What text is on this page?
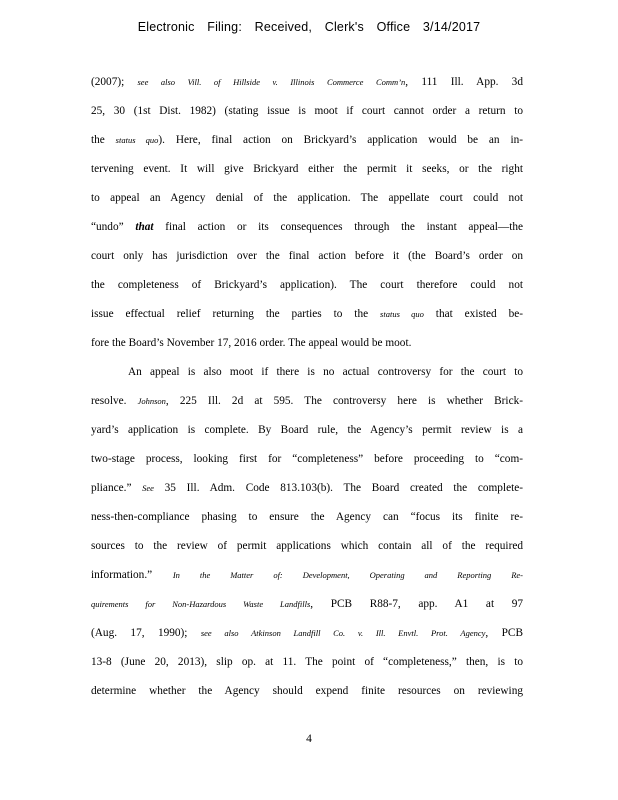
Electronic Filing: Received, Clerk's Office 3/14/2017
(2007); see also Vill. of Hillside v. Illinois Commerce Comm’n, 111 Ill. App. 3d
25, 30 (1st Dist. 1982) (stating issue is moot if court cannot order a return to
the status quo). Here, final action on Brickyard’s application would be an in-
tervening event. It will give Brickyard either the permit it seeks, or the right
to appeal an Agency denial of the application. The appellate court could not
“undo” that final action or its consequences through the instant appeal—the
court only has jurisdiction over the final action before it (the Board’s order on
the completeness of Brickyard’s application). The court therefore could not
issue effectual relief returning the parties to the status quo that existed be-
fore the Board’s November 17, 2016 order. The appeal would be moot.
An appeal is also moot if there is no actual controversy for the court to
resolve. Johnson, 225 Ill. 2d at 595. The controversy here is whether Brick-
yard’s application is complete. By Board rule, the Agency’s permit review is a
two-stage process, looking first for “completeness” before proceeding to “com-
pliance.” See 35 Ill. Adm. Code 813.103(b). The Board created the complete-
ness-then-compliance phasing to ensure the Agency can “focus its finite re-
sources to the review of permit applications which contain all of the required
information.” In the Matter of: Development, Operating and Reporting Re-
quirements for Non-Hazardous Waste Landfills, PCB R88-7, app. A1 at 97
(Aug. 17, 1990); see also Atkinson Landfill Co. v. Ill. Envtl. Prot. Agency, PCB
13-8 (June 20, 2013), slip op. at 11. The point of “completeness,” then, is to
determine whether the Agency should expend finite resources on reviewing
4
